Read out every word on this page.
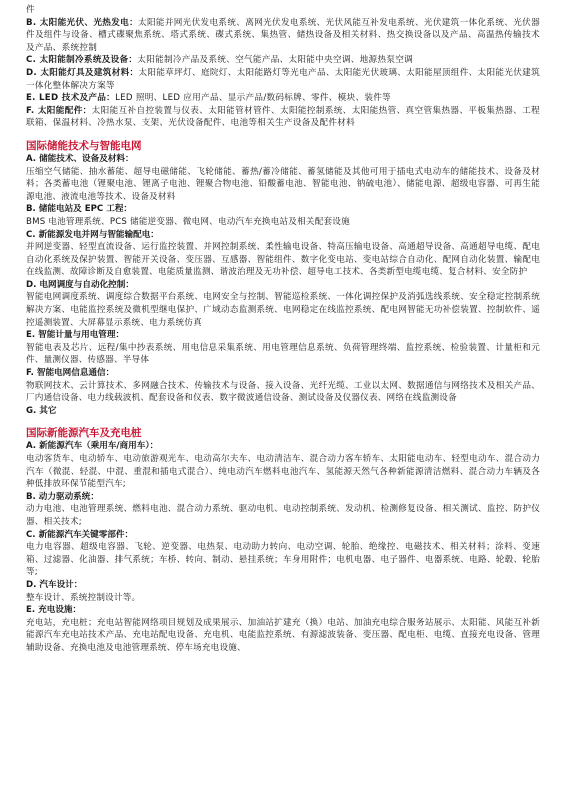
件

B. 太阳能光伏、光热发电：太阳能并网光伏发电系统、离网光伏发电系统、光伏风能互补发电系统、光伏建筑一体化系统、光伏器件及组件与设备、槽式碟聚焦系统、塔式系统、碟式系统、集热管、储热设备及相关材料、热交换设备以及产品、高温热传输技术及产品、系统控制

C. 太阳能制冷系统及设备：太阳能制冷产品及系统、空气能产品、太阳能中央空调、地源热泵空调

D. 太阳能灯具及建筑材料：太阳能草坪灯、庭院灯、太阳能路灯等光电产品、太阳能光伏玻璃、太阳能屋顶组件、太阳能光伏建筑一体化整体解决方案等

E. LED 技术及产品：LED 照明、LED 应用产品、显示产品/数码标牌、零件、模块、装件等

F. 太阳能配件：太阳能互补自控装置与仪表、太阳能管材管件、太阳能控制系统、太阳能热管、真空管集热器、平板集热器、工程联箱、保温材料、冷热水泵、支架、光伏设备配件、电池等相关生产设备及配件材料

国际储能技术与智能电网

A. 储能技术、设备及材料：

压缩空气储能、抽水蓄能、超导电磁储能、飞轮储能、蓄热/蓄冷储能、蓄氢储能及其他可用于插电式电动车的储能技术、设备及材料；各类蓄电池（锂聚电池、锂离子电池、锂聚合物电池、铅酸蓄电池、智能电池、钠硫电池）、储能电源、超级电容器、可再生能源电池、液流电池等技术、设备及材料

B. 储能电站及 EPC 工程：

BMS 电池管理系统、PCS 储能逆变器、微电网、电动汽车充换电站及相关配套设施

C. 新能源发电并网与智能输配电：

并网逆变器、轻型直流设备、运行监控装置、并网控制系统、柔性输电设备、特高压输电设备、高通超导设备、高通超导电缆、配电自动化系统及保护装置、智能开关设备、变压器、互感器、智能组件、数字化变电站、变电站综合自动化、配网自动化装置、输配电在线监测、故障诊断及自愈装置、电能质量监测、谐波治理及无功补偿、超导电工技术、各类新型电缆电缆、复合材料、安全防护

D. 电网调度与自动化控制：

智能电网调度系统、调度综合数据平台系统、电网安全与控制、智能巡检系统、一体化调控保护及消弧选线系统、安全稳定控制系统解决方案、电能监控系统及微机型继电保护、广域动态监测系统、电网稳定在线监控系统、配电网智能无功补偿装置、控制软件、遥控遥测装置、大屏幕显示系统、电力系统仿真

E. 智能计量与用电管理：

智能电表及芯片、远程/集中抄表系统、用电信息采集系统、用电管理信息系统、负荷管理终端、监控系统、检验装置、计量柜和元件、量测仪器、传感器、半导体

F. 智能电网信息通信：

物联网技术、云计算技术、多网融合技术、传输技术与设备、接入设备、光纤光缆、工业以太网、数据通信与网络技术及相关产品、厂内通信设备、电力线载波机、配套设备和仪表、数字微波通信设备、测试设备及仪器仪表、网络在线监测设备

G. 其它

国际新能源汽车及充电桩

A. 新能源汽车（乘用车/商用车）：

电动客货车、电动轿车、电动旅游观光车、电动高尔夫车、电动清洁车、混合动力客车轿车、太阳能电动车、轻型电动车、混合动力汽车（微混、轻混、中混、重混和插电式混合）、纯电动汽车燃料电池汽车、氢能源天然气各种新能源清洁燃料、混合动力车辆及各种低排放环保节能型汽车;

B. 动力驱动系统：

动力电池、电池管理系统、燃料电池、混合动力系统、驱动电机、电动控制系统、发动机、检测修复设备、相关测试、监控、防护仪器、相关技术;

C. 新能源汽车关键零部件：

电力电容器、超级电容器、飞轮、逆变器、电热泵、电动助力转向、电动空调、轮胎、绝缘控、电磁技术、相关材料；涂料、变速箱、过滤器、化油器、排气系统；车桥、转向、制动、悬挂系统；车身用附件；电机电器、电子器件、电器系统、电路、轮毂、轮胎等;

D. 汽车设计：

整车设计、系统控制设计等。

E. 充电设施：

充电站，充电桩；充电站智能网络项目规划及成果展示、加油站扩建充（换）电站、加油充电综合服务站展示、太阳能、风能互补新能源汽车充电站技术产品、充电站配电设备、充电机、电能监控系统、有源滤波装备、变压器、配电柜、电缆、直接充电设备、管理辅助设备、充换电池及电池管理系统、停车场充电设施、
